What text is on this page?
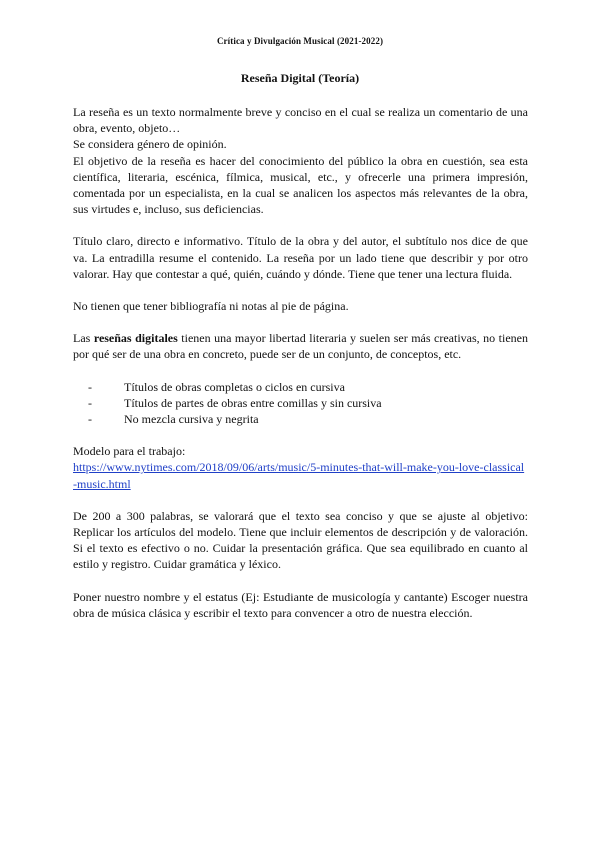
Crítica y Divulgación Musical (2021-2022)
Reseña Digital (Teoría)

La reseña es un texto normalmente breve y conciso en el cual se realiza un comentario de una obra, evento, objeto…

Se considera género de opinión.

El objetivo de la reseña es hacer del conocimiento del público la obra en cuestión, sea esta científica, literaria, escénica, fílmica, musical, etc., y ofrecerle una primera impresión, comentada por un especialista, en la cual se analicen los aspectos más relevantes de la obra, sus virtudes e, incluso, sus deficiencias.

Título claro, directo e informativo. Título de la obra y del autor, el subtítulo nos dice de que va. La entradilla resume el contenido. La reseña por un lado tiene que describir y por otro valorar. Hay que contestar a qué, quién, cuándo y dónde. Tiene que tener una lectura fluida.

No tienen que tener bibliografía ni notas al pie de página.

Las reseñas digitales tienen una mayor libertad literaria y suelen ser más creativas, no tienen por qué ser de una obra en concreto, puede ser de un conjunto, de conceptos, etc.

-	Títulos de obras completas o ciclos en cursiva
-	Títulos de partes de obras entre comillas y sin cursiva
-	No mezcla cursiva y negrita

Modelo para el trabajo:

https://www.nytimes.com/2018/09/06/arts/music/5-minutes-that-will-make-you-love-classical-music.html

De 200 a 300 palabras, se valorará que el texto sea conciso y que se ajuste al objetivo: Replicar los artículos del modelo. Tiene que incluir elementos de descripción y de valoración. Si el texto es efectivo o no. Cuidar la presentación gráfica. Que sea equilibrado en cuanto al estilo y registro. Cuidar gramática y léxico.

Poner nuestro nombre y el estatus (Ej: Estudiante de musicología y cantante) Escoger nuestra obra de música clásica y escribir el texto para convencer a otro de nuestra elección.
